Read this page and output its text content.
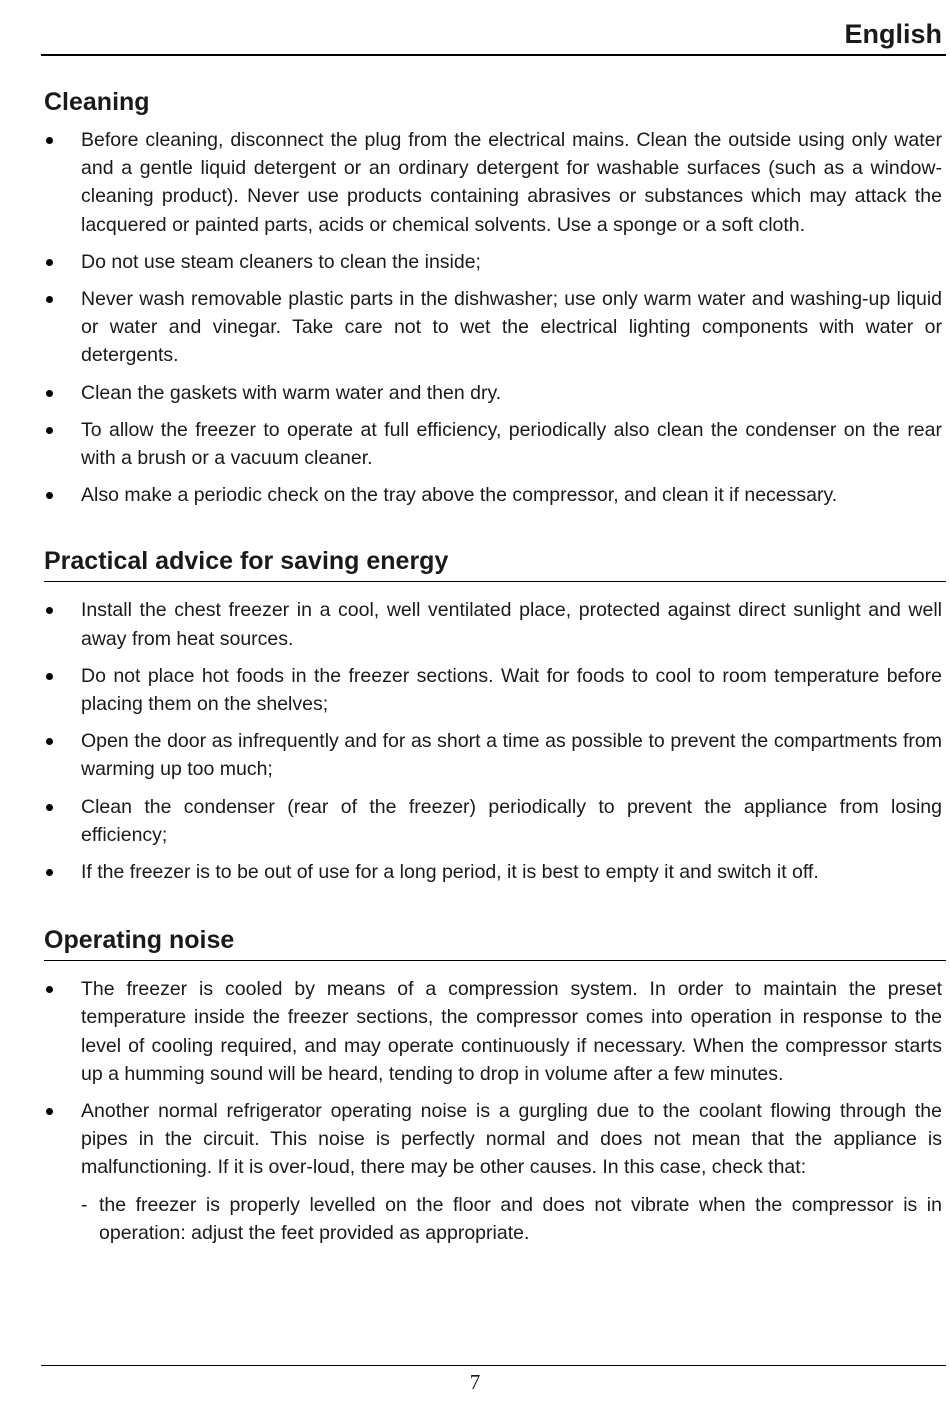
English
Cleaning
Before cleaning, disconnect the plug from the electrical mains. Clean the outside using only water and a gentle liquid detergent or an ordinary detergent for washable surfaces (such as a window-cleaning product). Never use products containing abrasives or substances which may attack the lacquered or painted parts, acids or chemical solvents. Use a sponge or a soft cloth.
Do not use steam cleaners to clean the inside;
Never wash removable plastic parts in the dishwasher; use only warm water and washing-up liquid or water and vinegar. Take care not to wet the electrical lighting components with water or detergents.
Clean the gaskets with warm water and then dry.
To allow the freezer to operate at full efficiency, periodically also clean the condenser on the rear with a brush or a vacuum cleaner.
Also make a periodic check on the tray above the compressor, and clean it if necessary.
Practical advice for saving energy
Install the chest freezer in a cool, well ventilated place, protected against direct sunlight and well away from heat sources.
Do not place hot foods in the freezer sections. Wait for foods to cool to room temperature before placing them on the shelves;
Open the door as infrequently and for as short a time as possible to prevent the compartments from warming up too much;
Clean the condenser (rear of the freezer) periodically to prevent the appliance from losing efficiency;
If the freezer is to be out of use for a long period, it is best to empty it and switch it off.
Operating noise
The freezer is cooled by means of a compression system. In order to maintain the preset temperature inside the freezer sections, the compressor comes into operation in response to the level of cooling required, and may operate continuously if necessary. When the compressor starts up a humming sound will be heard, tending to drop in volume after a few minutes.
Another normal refrigerator operating noise is a gurgling due to the coolant flowing through the pipes in the circuit. This noise is perfectly normal and does not mean that the appliance is malfunctioning. If it is over-loud, there may be other causes. In this case, check that:
- the freezer is properly levelled on the floor and does not vibrate when the compressor is in operation: adjust the feet provided as appropriate.
7
